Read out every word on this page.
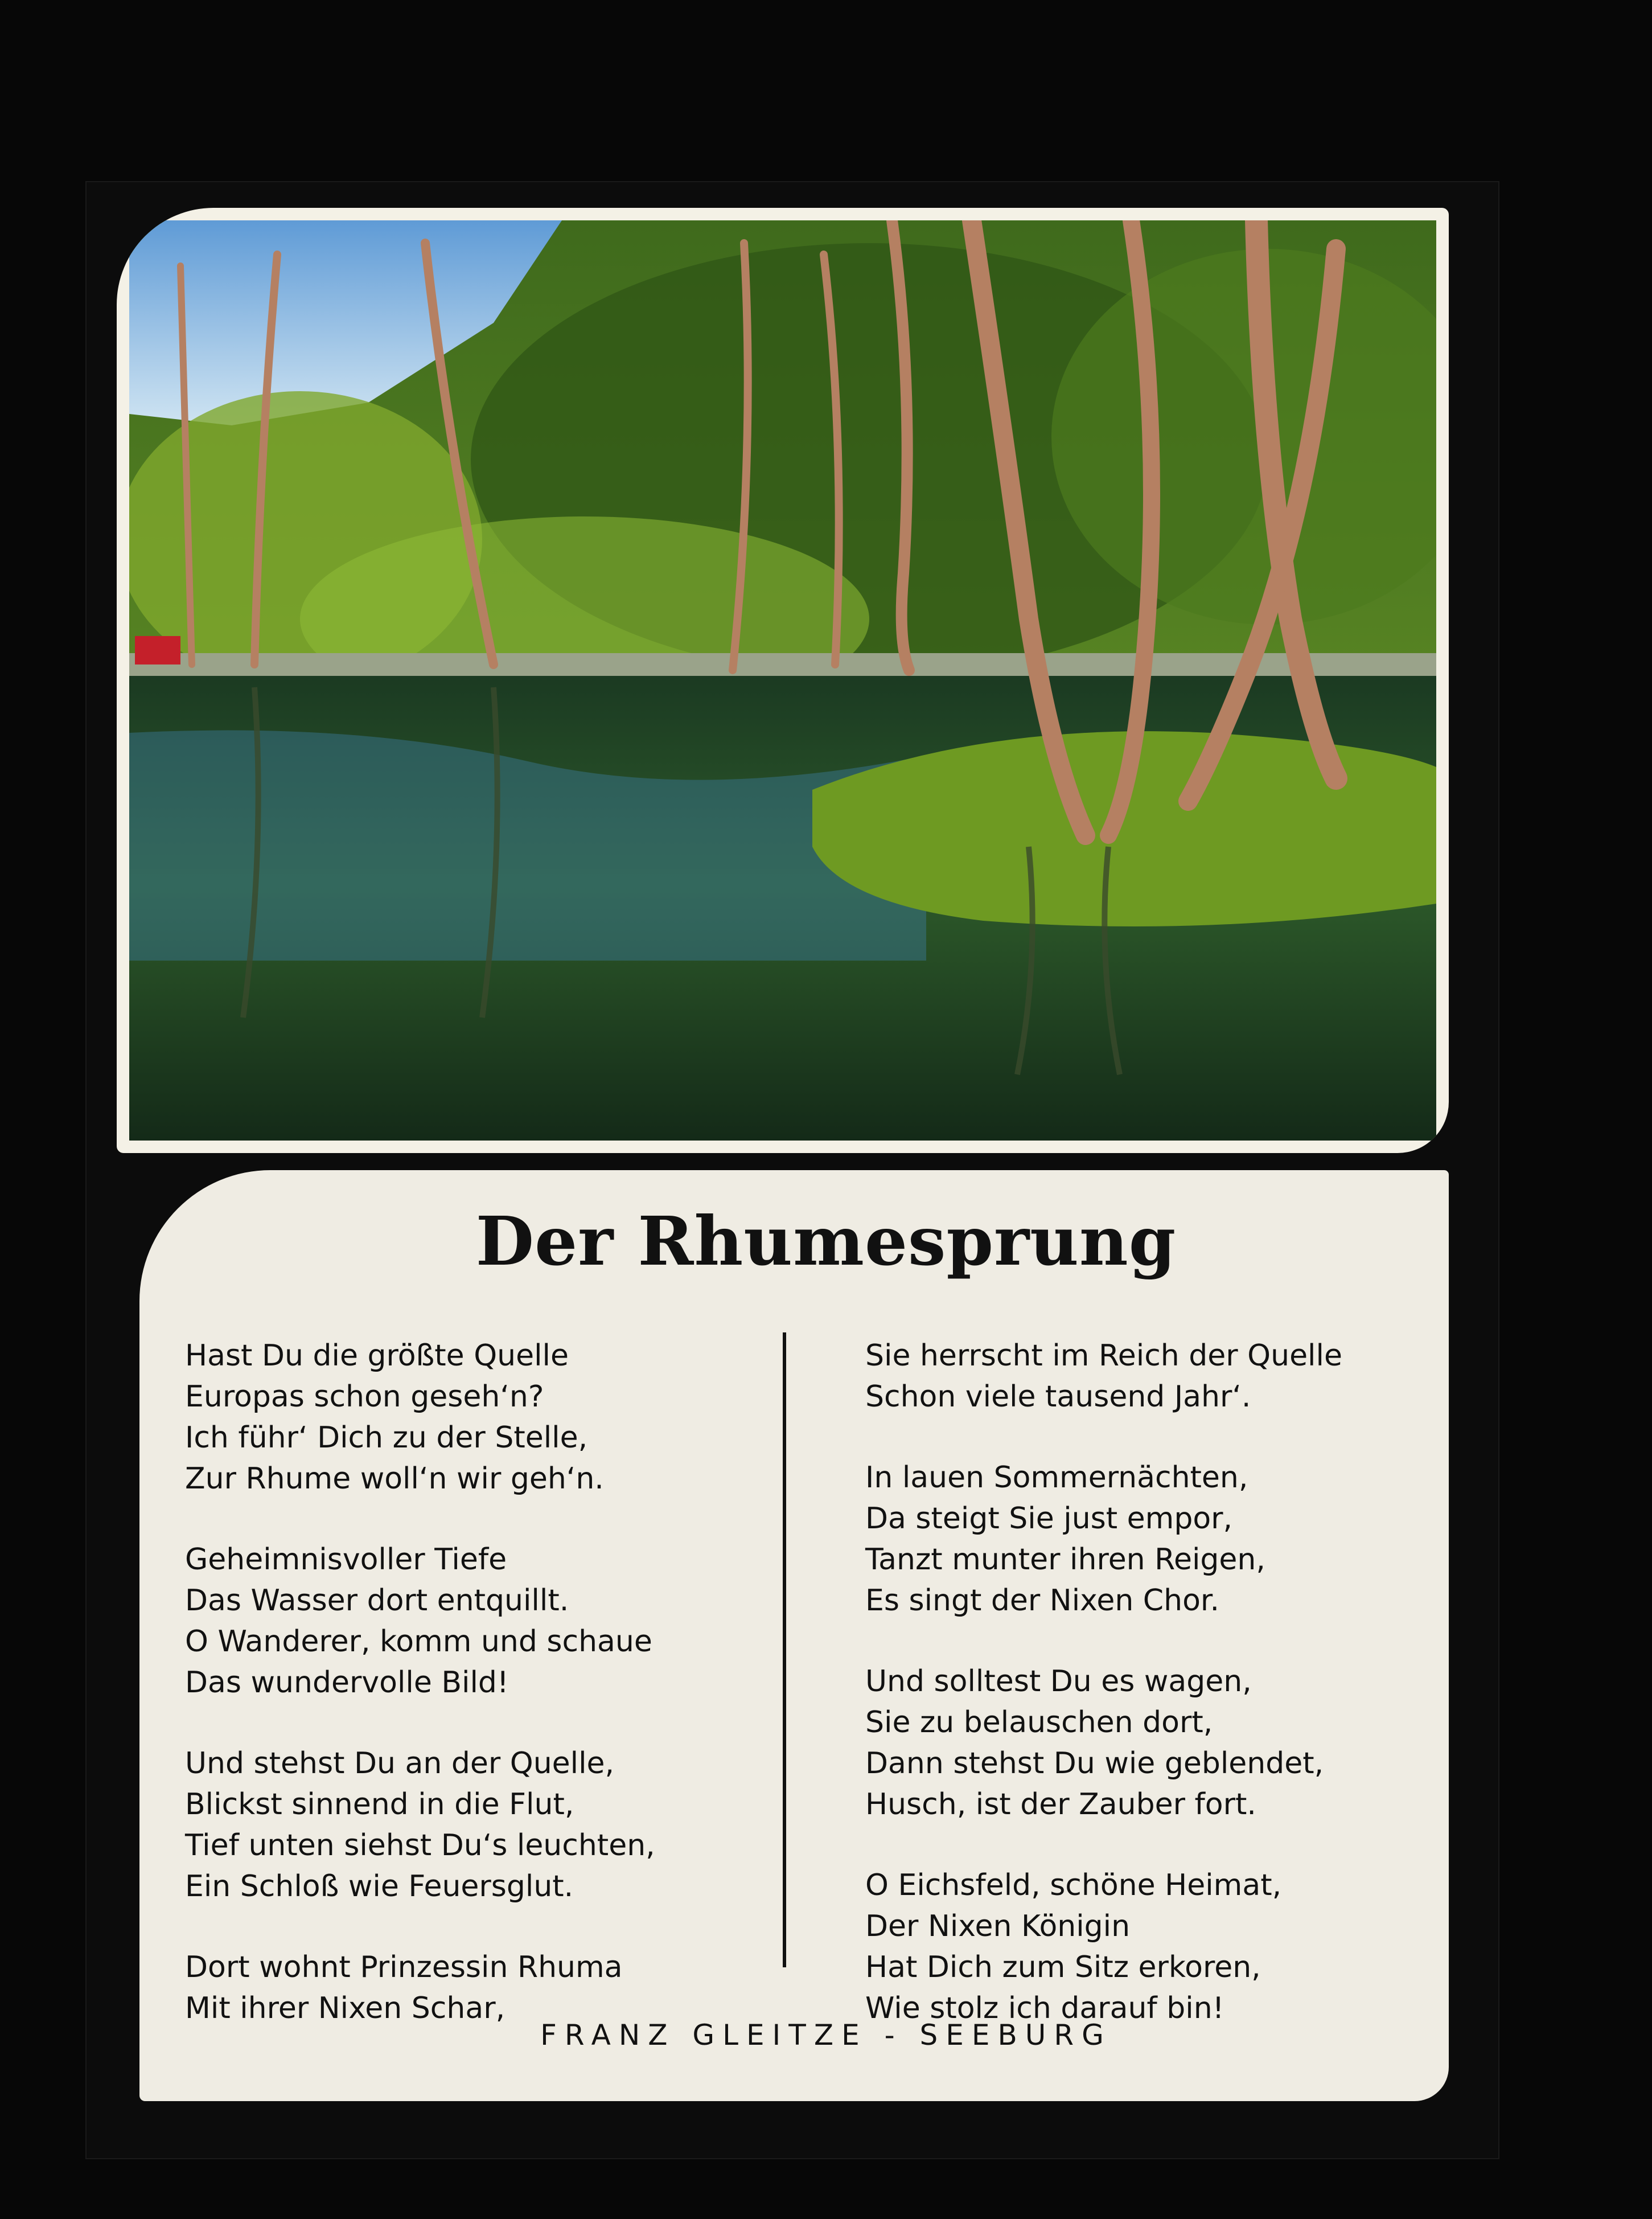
Der Rhumesprung
Hast Du die größte Quelle
Europas schon geseh‘n?
Ich führ‘ Dich zu der Stelle,
Zur Rhume woll‘n wir geh‘n.
Geheimnisvoller Tiefe
Das Wasser dort entquillt.
O Wanderer, komm und schaue
Das wundervolle Bild!
Und stehst Du an der Quelle,
Blickst sinnend in die Flut,
Tief unten siehst Du‘s leuchten,
Ein Schloß wie Feuersglut.
Dort wohnt Prinzessin Rhuma
Mit ihrer Nixen Schar,
Sie herrscht im Reich der Quelle
Schon viele tausend Jahr‘.
In lauen Sommernächten,
Da steigt Sie just empor,
Tanzt munter ihren Reigen,
Es singt der Nixen Chor.
Und solltest Du es wagen,
Sie zu belauschen dort,
Dann stehst Du wie geblendet,
Husch, ist der Zauber fort.
O Eichsfeld, schöne Heimat,
Der Nixen Königin
Hat Dich zum Sitz erkoren,
Wie stolz ich darauf bin!
FRANZ GLEITZE - SEEBURG
